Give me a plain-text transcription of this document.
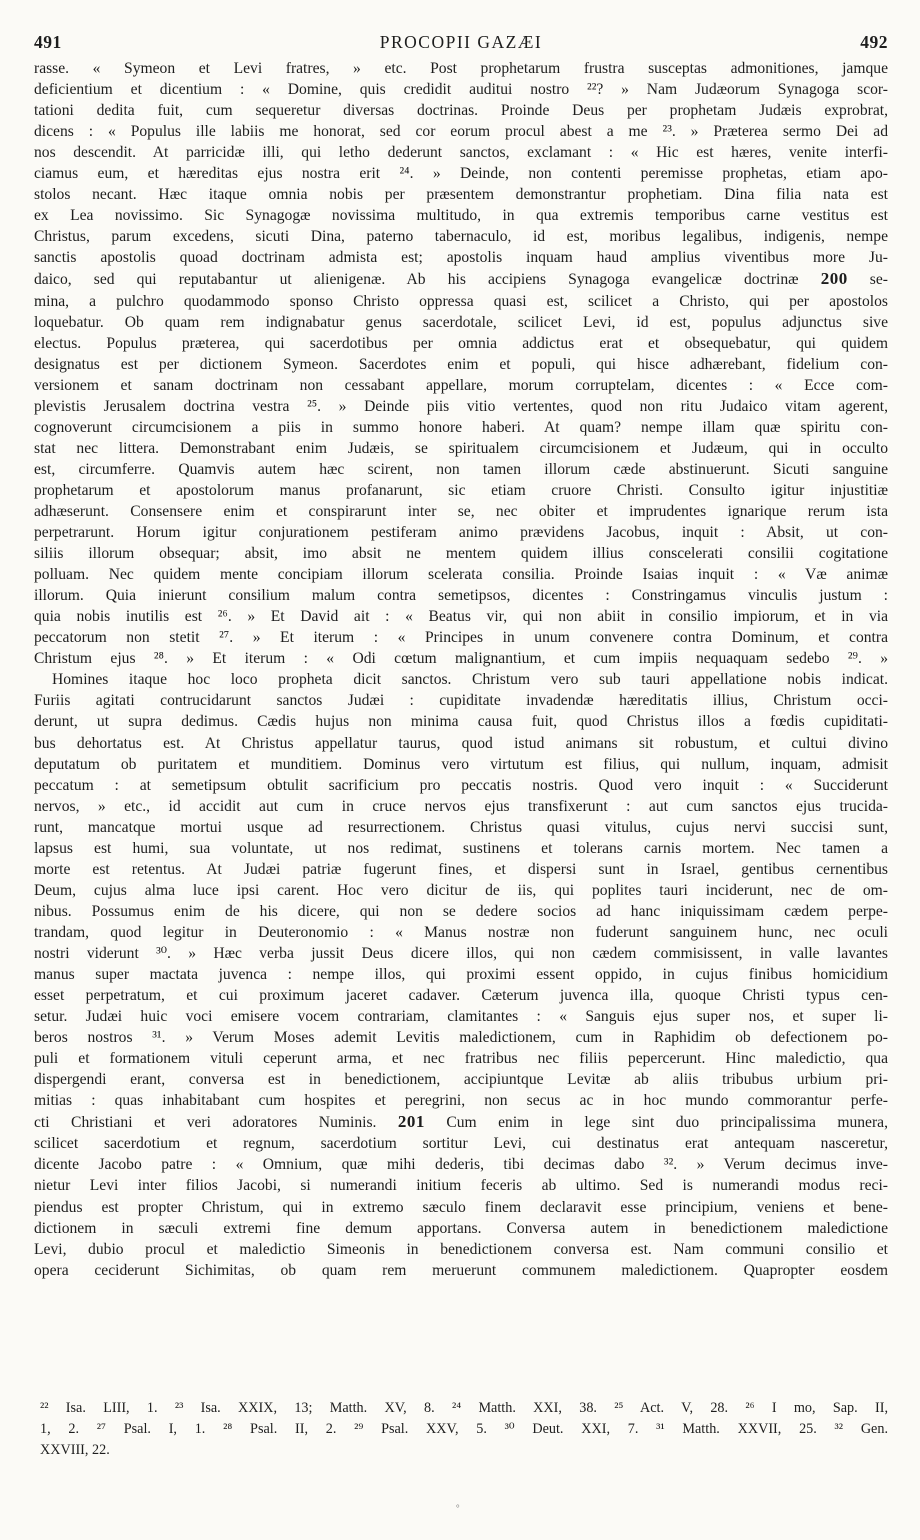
491	PROCOPII GAZÆI	492
rasse. « Symeon et Levi fratres, » etc. Post prophetarum frustra susceptas admonitiones, jamque
deficientium et dicentium : « Domine, quis credidit auditui nostro ²²? » Nam Judæorum Synagoga scor-
tationi dedita fuit, cum sequeretur diversas doctrinas. Proinde Deus per prophetam Judæis exprobrat,
dicens : « Populus ille labiis me honorat, sed cor eorum procul abest a me ²³. » Præterea sermo Dei ad
nos descendit. At parricidæ illi, qui letho dederunt sanctos, exclamant : « Hic est hæres, venite interfi-
ciamus eum, et hæreditas ejus nostra erit ²⁴. » Deinde, non contenti peremisse prophetas, etiam apo-
stolos necant. Hæc itaque omnia nobis per præsentem demonstrantur prophetiam. Dina filia nata est
ex Lea novissimo. Sic Synagogæ novissima multitudo, in qua extremis temporibus carne vestitus est
Christus, parum excedens, sicuti Dina, paterno tabernaculo, id est, moribus legalibus, indigenis, nempe
sanctis apostolis quoad doctrinam admista est; apostolis inquam haud amplius viventibus more Ju-
daico, sed qui reputabantur ut alienigenæ. Ab his accipiens Synagoga evangelicæ doctrinæ 200 se-
mina, a pulchro quodammodo sponso Christo oppressa quasi est, scilicet a Christo, qui per apostolos
loquebatur. Ob quam rem indignabatur genus sacerdotale, scilicet Levi, id est, populus adjunctus sive
electus. Populus præterea, qui sacerdotibus per omnia addictus erat et obsequebatur, qui quidem
designatus est per dictionem Symeon. Sacerdotes enim et populi, qui hisce adhærebant, fidelium con-
versionem et sanam doctrinam non cessabant appellare, morum corruptelam, dicentes : « Ecce com-
plevistis Jerusalem doctrina vestra ²⁵. » Deinde piis vitio vertentes, quod non ritu Judaico vitam agerent,
cognoverunt circumcisionem a piis in summo honore haberi. At quam? nempe illam quæ spiritu con-
stat nec littera. Demonstrabant enim Judæis, se spiritualem circumcisionem et Judæum, qui in occulto
est, circumferre. Quamvis autem hæc scirent, non tamen illorum cæde abstinuerunt. Sicuti sanguine
prophetarum et apostolorum manus profanarunt, sic etiam cruore Christi. Consulto igitur injustitiæ
adhæserunt. Consensere enim et conspirarunt inter se, nec obiter et imprudentes ignarique rerum ista
perpetrarunt. Horum igitur conjurationem pestiferam animo prævidens Jacobus, inquit : Absit, ut con-
siliis illorum obsequar; absit, imo absit ne mentem quidem illius conscelerati consilii cogitatione
polluam. Nec quidem mente concipiam illorum scelerata consilia. Proinde Isaias inquit : « Væ animæ
illorum. Quia inierunt consilium malum contra semetipsos, dicentes : Constringamus vinculis justum :
quia nobis inutilis est ²⁶. » Et David ait : « Beatus vir, qui non abiit in consilio impiorum, et in via
peccatorum non stetit ²⁷. » Et iterum : « Principes in unum convenere contra Dominum, et contra
Christum ejus ²⁸. » Et iterum : « Odi cœtum malignantium, et cum impiis nequaquam sedebo ²⁹. »
Homines itaque hoc loco propheta dicit sanctos. Christum vero sub tauri appellatione nobis indicat.
Furiis agitati contrucidarunt sanctos Judæi : cupiditate invadendæ hæreditatis illius, Christum occi-
derunt, ut supra dedimus. Cædis hujus non minima causa fuit, quod Christus illos a fœdis cupiditati-
bus dehortatus est. At Christus appellatur taurus, quod istud animans sit robustum, et cultui divino
deputatum ob puritatem et munditiem. Dominus vero virtutum est filius, qui nullum, inquam, admisit
peccatum : at semetipsum obtulit sacrificium pro peccatis nostris. Quod vero inquit : « Succiderunt
nervos, » etc., id accidit aut cum in cruce nervos ejus transfixerunt : aut cum sanctos ejus trucida-
runt, mancatque mortui usque ad resurrectionem. Christus quasi vitulus, cujus nervi succisi sunt,
lapsus est humi, sua voluntate, ut nos redimat, sustinens et tolerans carnis mortem. Nec tamen a
morte est retentus. At Judæi patriæ fugerunt fines, et dispersi sunt in Israel, gentibus cernentibus
Deum, cujus alma luce ipsi carent. Hoc vero dicitur de iis, qui poplites tauri inciderunt, nec de om-
nibus. Possumus enim de his dicere, qui non se dedere socios ad hanc iniquissimam cædem perpe-
trandam, quod legitur in Deuteronomio : « Manus nostræ non fuderunt sanguinem hunc, nec oculi
nostri viderunt ³⁰. » Hæc verba jussit Deus dicere illos, qui non cædem commisissent, in valle lavantes
manus super mactata juvenca : nempe illos, qui proximi essent oppido, in cujus finibus homicidium
esset perpetratum, et cui proximum jaceret cadaver. Cæterum juvenca illa, quoque Christi typus cen-
setur. Judæi huic voci emisere vocem contrariam, clamitantes : « Sanguis ejus super nos, et super li-
beros nostros ³¹. » Verum Moses ademit Levitis maledictionem, cum in Raphidim ob defectionem po-
puli et formationem vituli ceperunt arma, et nec fratribus nec filiis pepercerunt. Hinc maledictio, qua
dispergendi erant, conversa est in benedictionem, accipiuntque Levitæ ab aliis tribubus urbium pri-
mitias : quas inhabitabant cum hospites et peregrini, non secus ac in hoc mundo commorantur perfe-
cti Christiani et veri adoratores Numinis. 201 Cum enim in lege sint duo principalissima munera,
scilicet sacerdotium et regnum, sacerdotium sortitur Levi, cui destinatus erat antequam nasceretur,
dicente Jacobo patre : « Omnium, quæ mihi dederis, tibi decimas dabo ³². » Verum decimus inve-
nietur Levi inter filios Jacobi, si numerandi initium feceris ab ultimo. Sed is numerandi modus reci-
piendus est propter Christum, qui in extremo sæculo finem declaravit esse principium, veniens et bene-
dictionem in sæculi extremi fine demum apportans. Conversa autem in benedictionem maledictione
Levi, dubio procul et maledictio Simeonis in benedictionem conversa est. Nam communi consilio et
opera ceciderunt Sichimitas, ob quam rem meruerunt communem maledictionem. Quapropter eosdem
²² Isa. LIII, 1. ²³ Isa. XXIX, 13; Matth. XV, 8. ²⁴ Matth. XXI, 38. ²⁵ Act. V, 28. ²⁶ I mo, Sap. II,
1, 2. ²⁷ Psal. I, 1. ²⁸ Psal. II, 2. ²⁹ Psal. XXV, 5. ³⁰ Deut. XXI, 7. ³¹ Matth. XXVII, 25. ³² Gen.
XXVIII, 22.
°
